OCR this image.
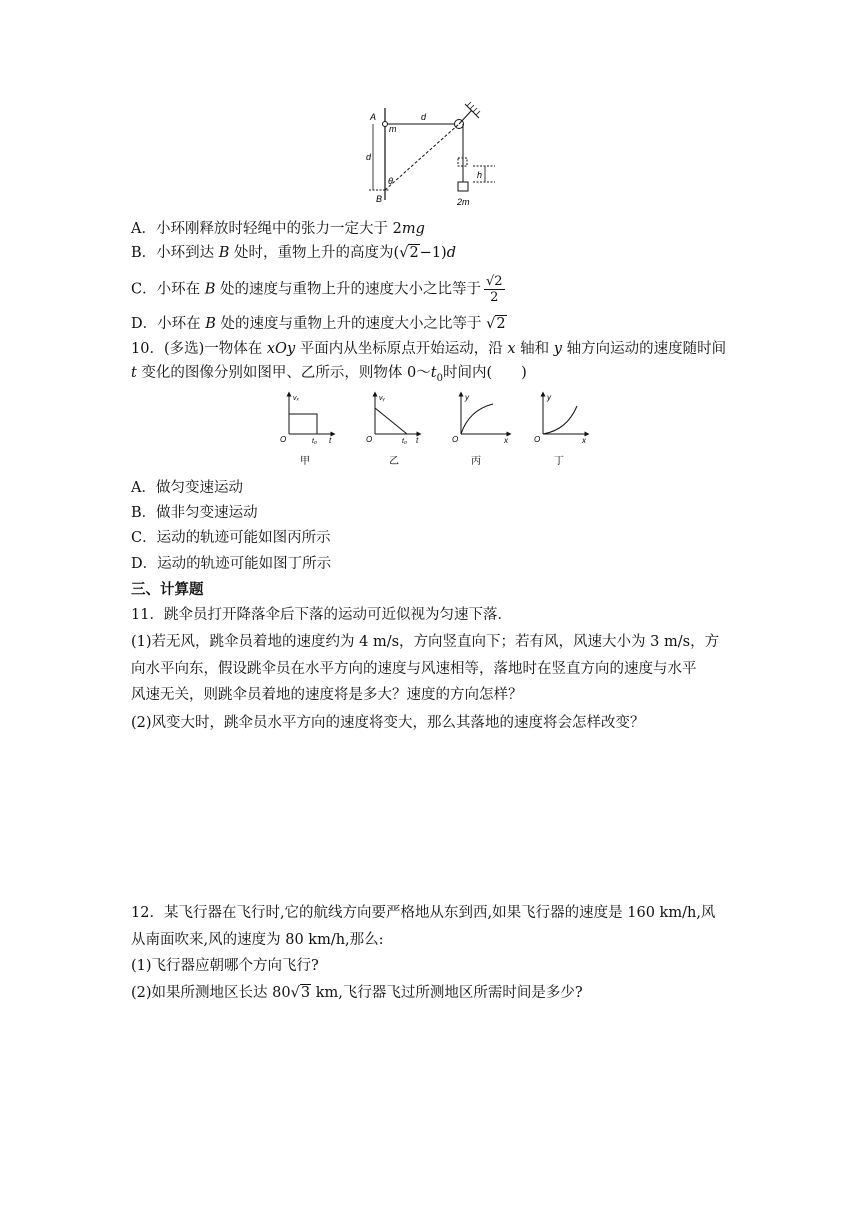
A
m
d
d
θ
B
h
2m
A．小环刚释放时轻绳中的张力一定大于 2mg
B．小环到达 B 处时，重物上升的高度为(√2−1)d
C．小环在 B 处的速度与重物上升的速度大小之比等于 $\frac{√2}{2}$
D．小环在 B 处的速度与重物上升的速度大小之比等于 √2
10．(多选)一物体在 xOy 平面内从坐标原点开始运动，沿 x 轴和 y 轴方向运动的速度随时间
t 变化的图像分别如图甲、乙所示，则物体 $0\sim t_0$时间内(　　)
vₓ
O	t₀ t
甲
vᵧ
O	t₀ t
乙
y
O	x
丙
y
O	x
丁
A．做匀变速运动
B．做非匀变速运动
C．运动的轨迹可能如图丙所示
D．运动的轨迹可能如图丁所示
三、计算题
11．跳伞员打开降落伞后下落的运动可近似视为匀速下落．
(1)若无风，跳伞员着地的速度约为 4 m/s，方向竖直向下；若有风，风速大小为 3 m/s，方
向水平向东，假设跳伞员在水平方向的速度与风速相等，落地时在竖直方向的速度与水平
风速无关，则跳伞员着地的速度将是多大？速度的方向怎样？
(2)风变大时，跳伞员水平方向的速度将变大，那么其落地的速度将会怎样改变？
12．某飞行器在飞行时,它的航线方向要严格地从东到西,如果飞行器的速度是 160 km/h,风
从南面吹来,风的速度为 80 km/h,那么:
(1)飞行器应朝哪个方向飞行?
(2)如果所测地区长达 80√3 km,飞行器飞过所测地区所需时间是多少?
